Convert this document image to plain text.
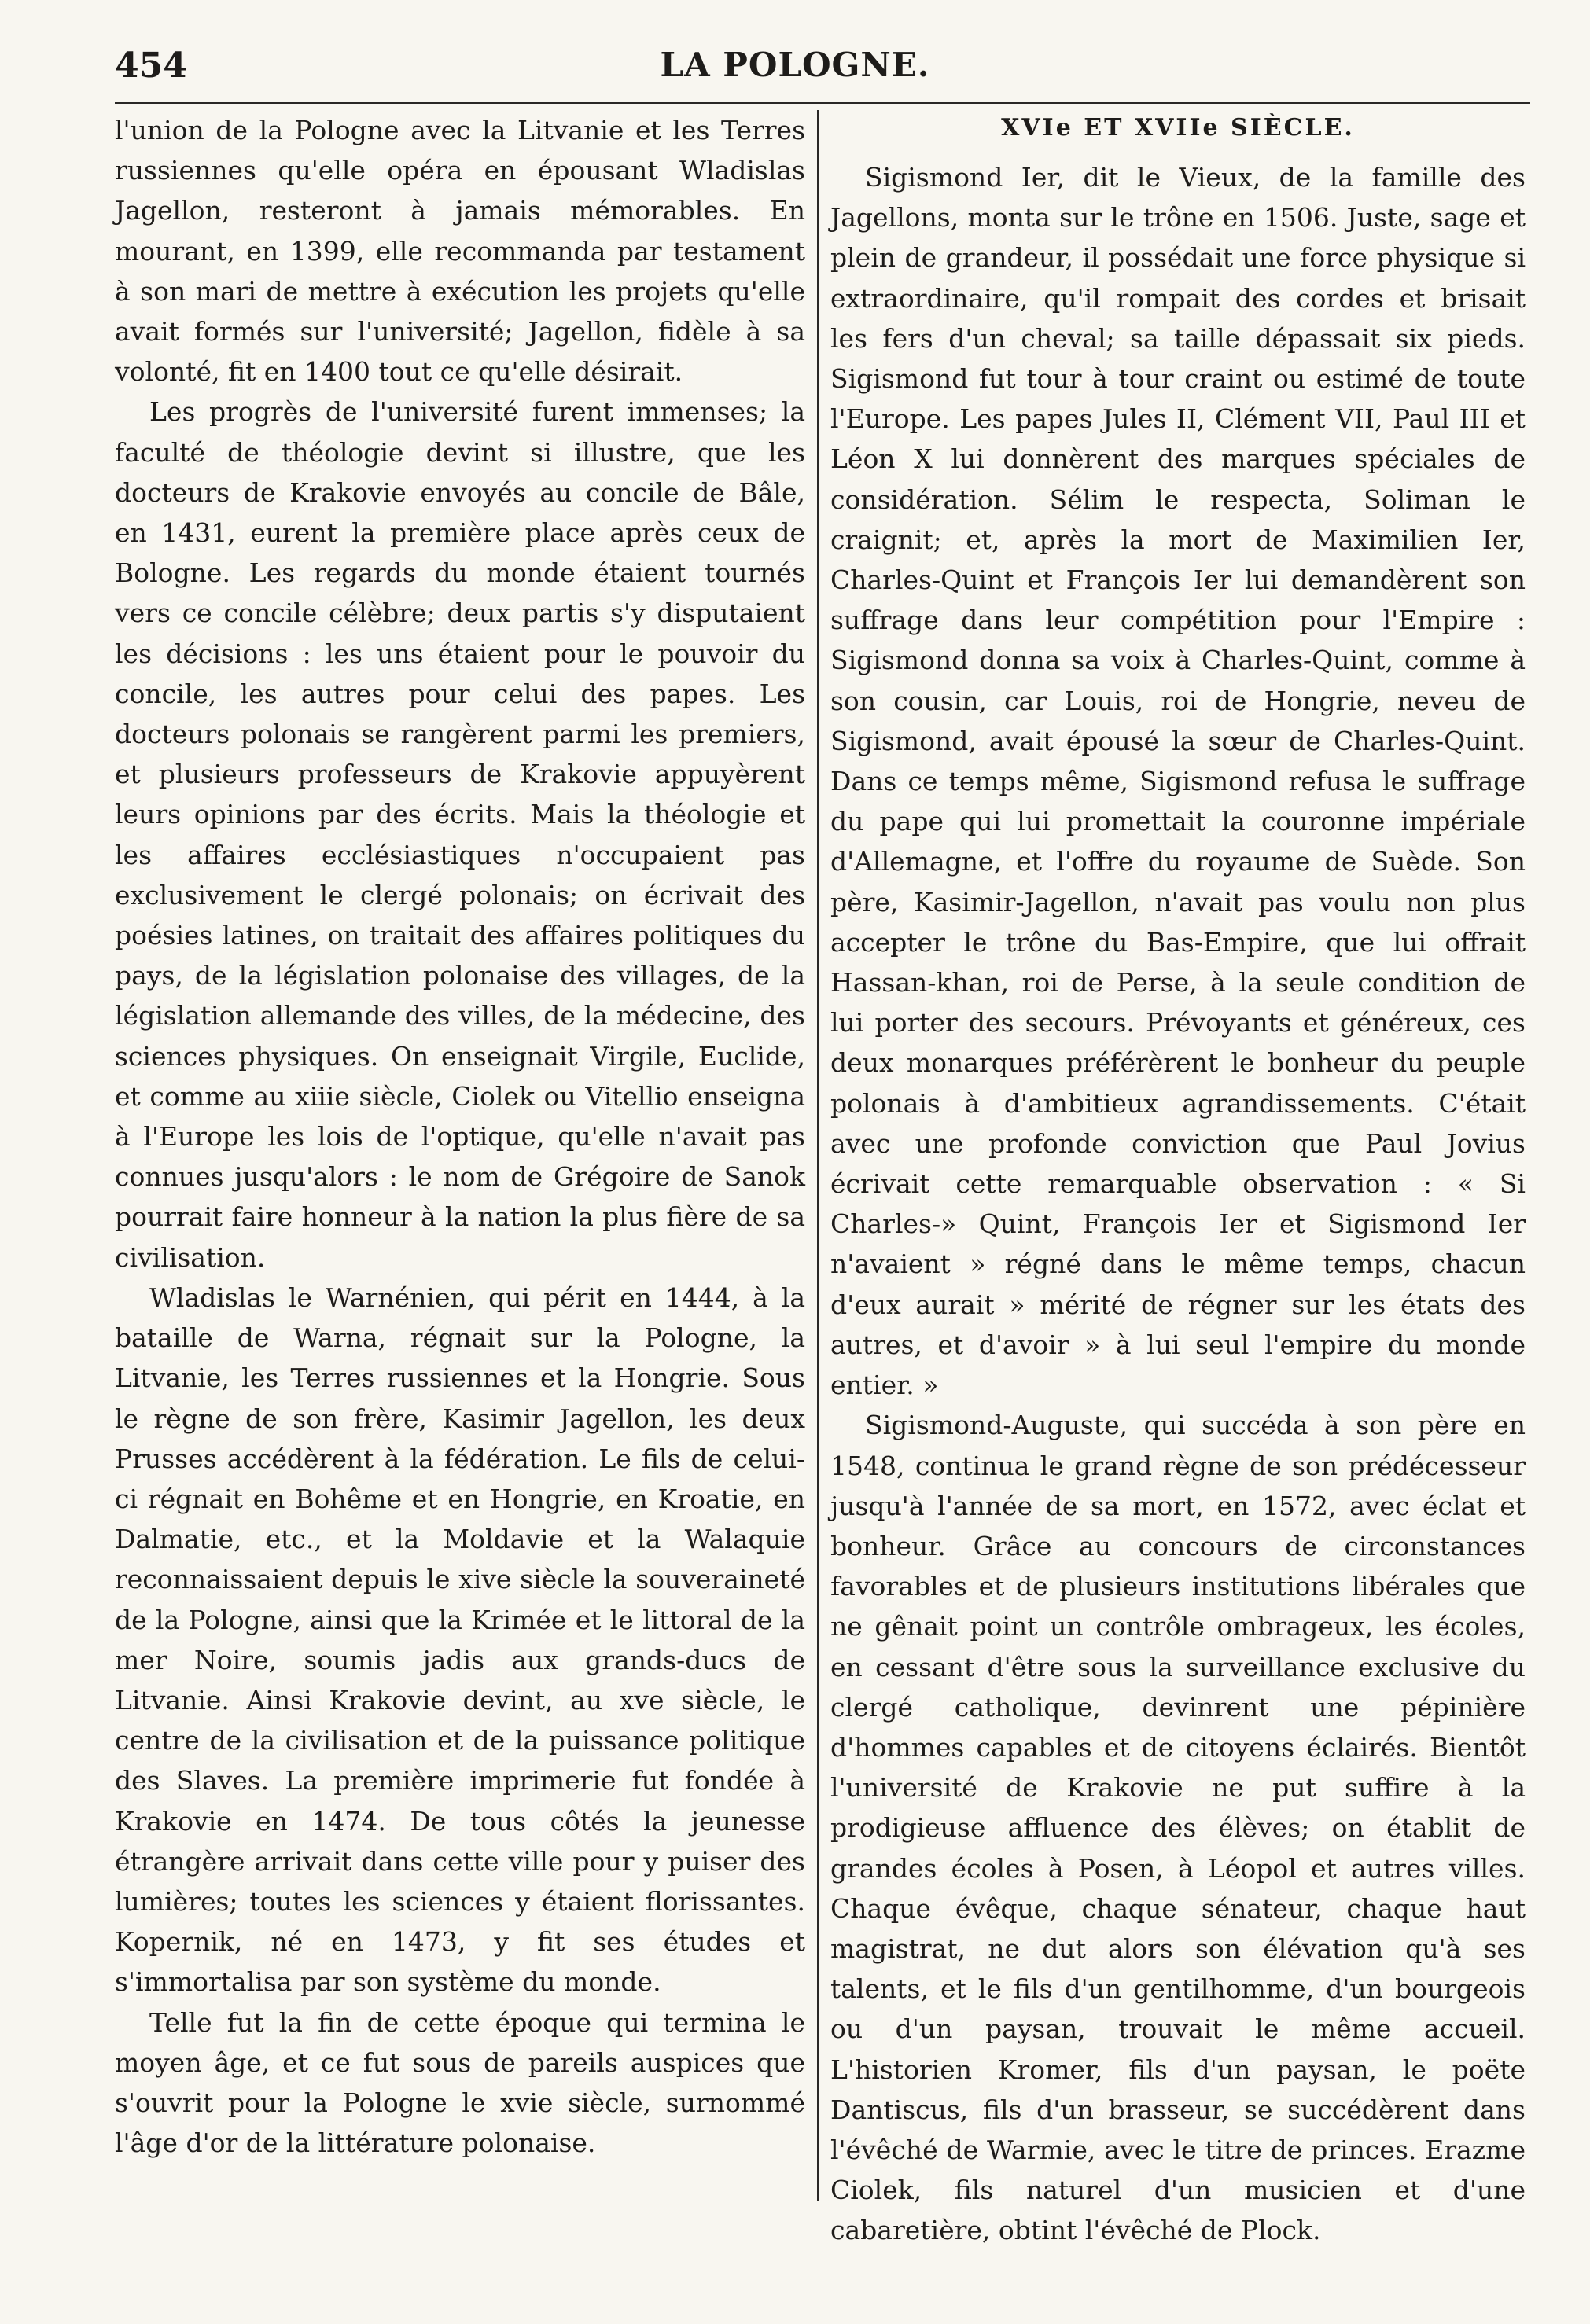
454	LA POLOGNE.

l'union de la Pologne avec la Litvanie et les Terres russiennes qu'elle opéra en épousant Wladislas Jagellon, resteront à jamais mémorables. En mourant, en 1399, elle recommanda par testament à son mari de mettre à exécution les projets qu'elle avait formés sur l'université; Jagellon, fidèle à sa volonté, fit en 1400 tout ce qu'elle désirait.

Les progrès de l'université furent immenses; la faculté de théologie devint si illustre, que les docteurs de Krakovie envoyés au concile de Bâle, en 1431, eurent la première place après ceux de Bologne. Les regards du monde étaient tournés vers ce concile célèbre; deux partis s'y disputaient les décisions : les uns étaient pour le pouvoir du concile, les autres pour celui des papes. Les docteurs polonais se rangèrent parmi les premiers, et plusieurs professeurs de Krakovie appuyèrent leurs opinions par des écrits. Mais la théologie et les affaires ecclésiastiques n'occupaient pas exclusivement le clergé polonais; on écrivait des poésies latines, on traitait des affaires politiques du pays, de la législation polonaise des villages, de la législation allemande des villes, de la médecine, des sciences physiques. On enseignait Virgile, Euclide, et comme au xiiie siècle, Ciolek ou Vitellio enseigna à l'Europe les lois de l'optique, qu'elle n'avait pas connues jusqu'alors : le nom de Grégoire de Sanok pourrait faire honneur à la nation la plus fière de sa civilisation.

Wladislas le Warnénien, qui périt en 1444, à la bataille de Warna, régnait sur la Pologne, la Litvanie, les Terres russiennes et la Hongrie. Sous le règne de son frère, Kasimir Jagellon, les deux Prusses accédèrent à la fédération. Le fils de celui-ci régnait en Bohême et en Hongrie, en Kroatie, en Dalmatie, etc., et la Moldavie et la Walaquie reconnaissaient depuis le xive siècle la souveraineté de la Pologne, ainsi que la Krimée et le littoral de la mer Noire, soumis jadis aux grands-ducs de Litvanie. Ainsi Krakovie devint, au xve siècle, le centre de la civilisation et de la puissance politique des Slaves. La première imprimerie fut fondée à Krakovie en 1474. De tous côtés la jeunesse étrangère arrivait dans cette ville pour y puiser des lumières; toutes les sciences y étaient florissantes. Kopernik, né en 1473, y fit ses études et s'immortalisa par son système du monde.

Telle fut la fin de cette époque qui termina le moyen âge, et ce fut sous de pareils auspices que s'ouvrit pour la Pologne le xvie siècle, surnommé l'âge d'or de la littérature polonaise.

XVIe ET XVIIe SIÈCLE.

Sigismond Ier, dit le Vieux, de la famille des Jagellons, monta sur le trône en 1506. Juste, sage et plein de grandeur, il possédait une force physique si extraordinaire, qu'il rompait des cordes et brisait les fers d'un cheval; sa taille dépassait six pieds. Sigismond fut tour à tour craint ou estimé de toute l'Europe. Les papes Jules II, Clément VII, Paul III et Léon X lui donnèrent des marques spéciales de considération. Sélim le respecta, Soliman le craignit; et, après la mort de Maximilien Ier, Charles-Quint et François Ier lui demandèrent son suffrage dans leur compétition pour l'Empire : Sigismond donna sa voix à Charles-Quint, comme à son cousin, car Louis, roi de Hongrie, neveu de Sigismond, avait épousé la sœur de Charles-Quint. Dans ce temps même, Sigismond refusa le suffrage du pape qui lui promettait la couronne impériale d'Allemagne, et l'offre du royaume de Suède. Son père, Kasimir-Jagellon, n'avait pas voulu non plus accepter le trône du Bas-Empire, que lui offrait Hassan-khan, roi de Perse, à la seule condition de lui porter des secours. Prévoyants et généreux, ces deux monarques préférèrent le bonheur du peuple polonais à d'ambitieux agrandissements. C'était avec une profonde conviction que Paul Jovius écrivait cette remarquable observation : « Si Charles-» Quint, François Ier et Sigismond Ier n'avaient » régné dans le même temps, chacun d'eux aurait » mérité de régner sur les états des autres, et d'avoir » à lui seul l'empire du monde entier. »

Sigismond-Auguste, qui succéda à son père en 1548, continua le grand règne de son prédécesseur jusqu'à l'année de sa mort, en 1572, avec éclat et bonheur. Grâce au concours de circonstances favorables et de plusieurs institutions libérales que ne gênait point un contrôle ombrageux, les écoles, en cessant d'être sous la surveillance exclusive du clergé catholique, devinrent une pépinière d'hommes capables et de citoyens éclairés. Bientôt l'université de Krakovie ne put suffire à la prodigieuse affluence des élèves; on établit de grandes écoles à Posen, à Léopol et autres villes. Chaque évêque, chaque sénateur, chaque haut magistrat, ne dut alors son élévation qu'à ses talents, et le fils d'un gentilhomme, d'un bourgeois ou d'un paysan, trouvait le même accueil. L'historien Kromer, fils d'un paysan, le poëte Dantiscus, fils d'un brasseur, se succédèrent dans l'évêché de Warmie, avec le titre de princes. Erazme Ciolek, fils naturel d'un musicien et d'une cabaretière, obtint l'évêché de Plock.
